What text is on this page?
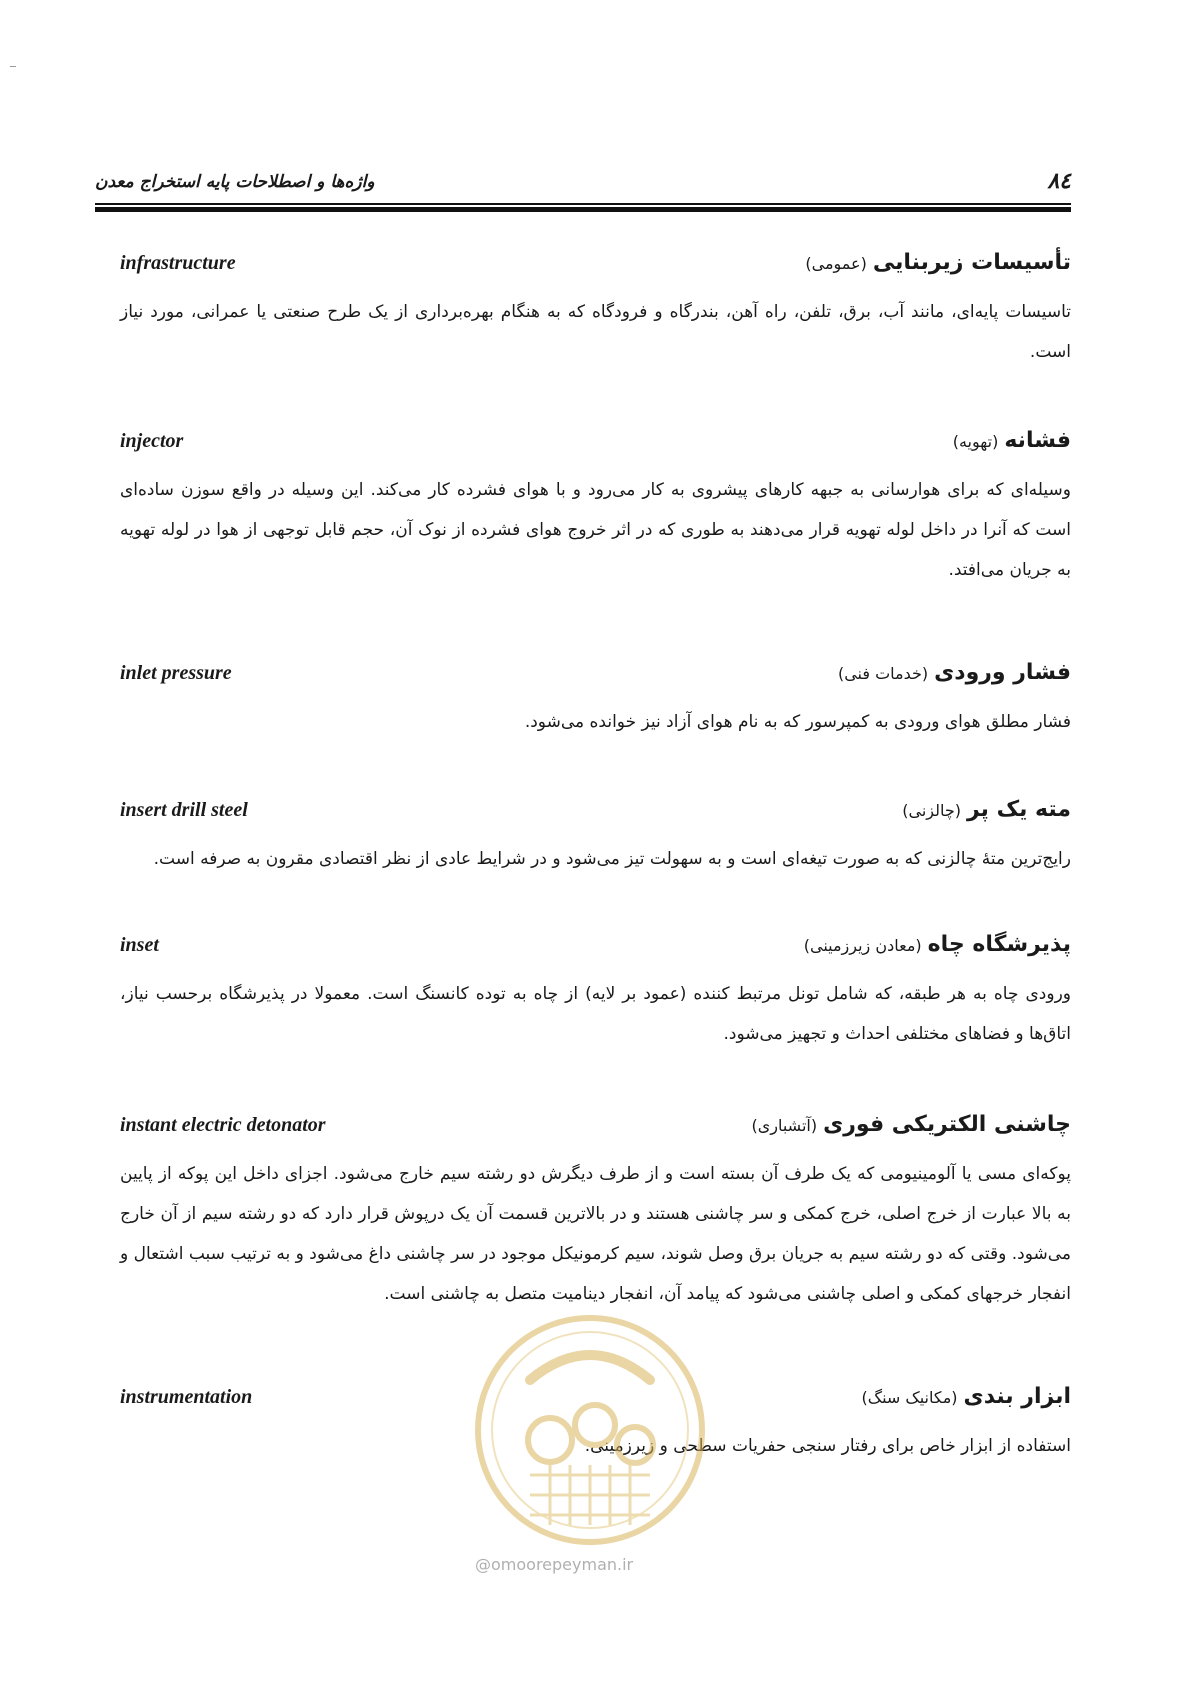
۸٤
واژه‌ها و اصطلاحات پایه استخراج معدن
infrastructure	تأسیسات زیربنایی(عمومی)
تاسیسات پایه‌ای، مانند آب، برق، تلفن، راه آهن، بندرگاه و فرودگاه که به هنگام بهره‌برداری از یک طرح صنعتی یا عمرانی، مورد نیاز است.
injector	فشانه(تهویه)
وسیله‌ای که برای هوارسانی به جبهه کارهای پیشروی به کار می‌رود و با هوای فشرده کار می‌کند. این وسیله در واقع سوزن ساده‌ای است که آنرا در داخل لوله تهویه قرار می‌دهند به طوری که در اثر خروج هوای فشرده از نوک آن، حجم قابل توجهی از هوا در لوله تهویه به جریان می‌افتد.
inlet pressure	فشار ورودی(خدمات فنی)
فشار مطلق هوای ورودی به کمپرسور که به نام هوای آزاد نیز خوانده می‌شود.
insert drill steel	مته یک پر(چالزنی)
رایج‌ترین متهٔ چالزنی که به صورت تیغه‌ای است و به سهولت تیز می‌شود و در شرایط عادی از نظر اقتصادی مقرون به صرفه است.
inset	پذیرشگاه چاه(معادن زیرزمینی)
ورودی چاه به هر طبقه، که شامل تونل مرتبط کننده (عمود بر لایه) از چاه به توده کانسنگ است. معمولا در پذیرشگاه برحسب نیاز، اتاق‌ها و فضاهای مختلفی احداث و تجهیز می‌شود.
instant electric detonator	چاشنی الکتریکی فوری(آتشباری)
پوکه‌ای مسی یا آلومینیومی که یک طرف آن بسته است و از طرف دیگرش دو رشته سیم خارج می‌شود. اجزای داخل این پوکه از پایین به بالا عبارت از خرج اصلی، خرج کمکی و سر چاشنی هستند و در بالاترین قسمت آن یک درپوش قرار دارد که دو رشته سیم از آن خارج می‌شود. وقتی که دو رشته سیم به جریان برق وصل شوند، سیم کرمونیکل موجود در سر چاشنی داغ می‌شود و به ترتیب سبب اشتعال و انفجار خرجهای کمکی و اصلی چاشنی می‌شود که پیامد آن، انفجار دینامیت متصل به چاشنی است.
instrumentation	ابزار بندی(مکانیک سنگ)
استفاده از ابزار خاص برای رفتار سنجی حفریات سطحی و زیرزمینی.
@omoorepeyman.ir
